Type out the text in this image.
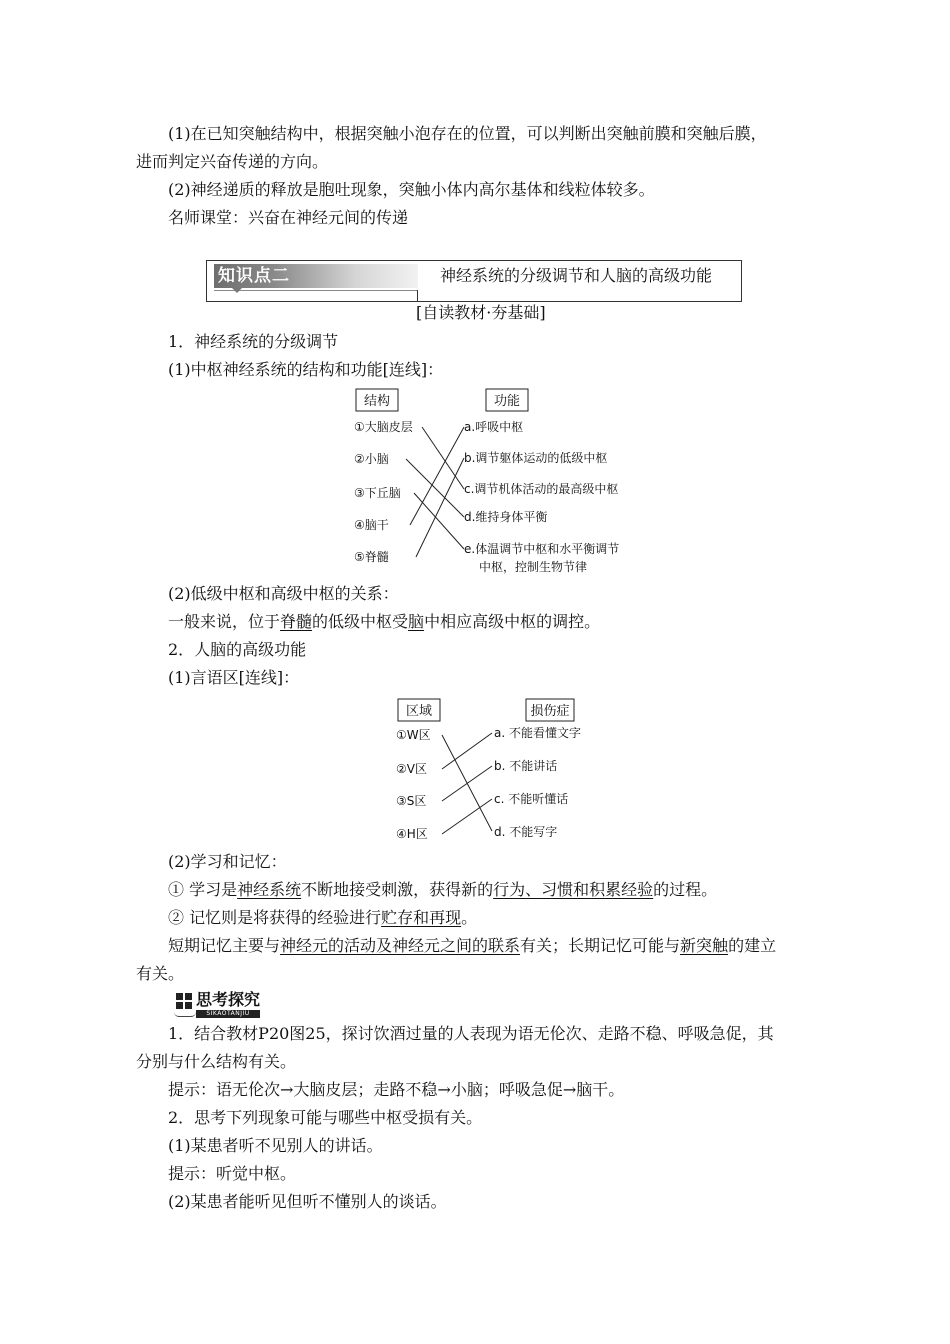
(1)在已知突触结构中，根据突触小泡存在的位置，可以判断出突触前膜和突触后膜，
进而判定兴奋传递的方向。
(2)神经递质的释放是胞吐现象，突触小体内高尔基体和线粒体较多。
名师课堂：兴奋在神经元间的传递
知识点二	神经系统的分级调节和人脑的高级功能
[自读教材·夯基础]
1．神经系统的分级调节
(1)中枢神经系统的结构和功能[连线]：
结构	功能
①大脑皮层
②小脑
③下丘脑
④脑干
⑤脊髓
a.呼吸中枢
b.调节躯体运动的低级中枢
c.调节机体活动的最高级中枢
d.维持身体平衡
e.体温调节中枢和水平衡调节
中枢，控制生物节律
(2)低级中枢和高级中枢的关系：
一般来说，位于脊髓的低级中枢受脑中相应高级中枢的调控。
2．人脑的高级功能
(1)言语区[连线]：
区域	损伤症
①W区
②V区
③S区
④H区
a. 不能看懂文字
b. 不能讲话
c. 不能听懂话
d. 不能写字
(2)学习和记忆：
① 学习是神经系统不断地接受刺激，获得新的行为、习惯和积累经验的过程。
② 记忆则是将获得的经验进行贮存和再现。
短期记忆主要与神经元的活动及神经元之间的联系有关；长期记忆可能与新突触的建立
有关。
思考探究
SIKAOTANJIU
1．结合教材P20图25，探讨饮酒过量的人表现为语无伦次、走路不稳、呼吸急促，其
分别与什么结构有关。
提示：语无伦次→大脑皮层；走路不稳→小脑；呼吸急促→脑干。
2．思考下列现象可能与哪些中枢受损有关。
(1)某患者听不见别人的讲话。
提示：听觉中枢。
(2)某患者能听见但听不懂别人的谈话。
